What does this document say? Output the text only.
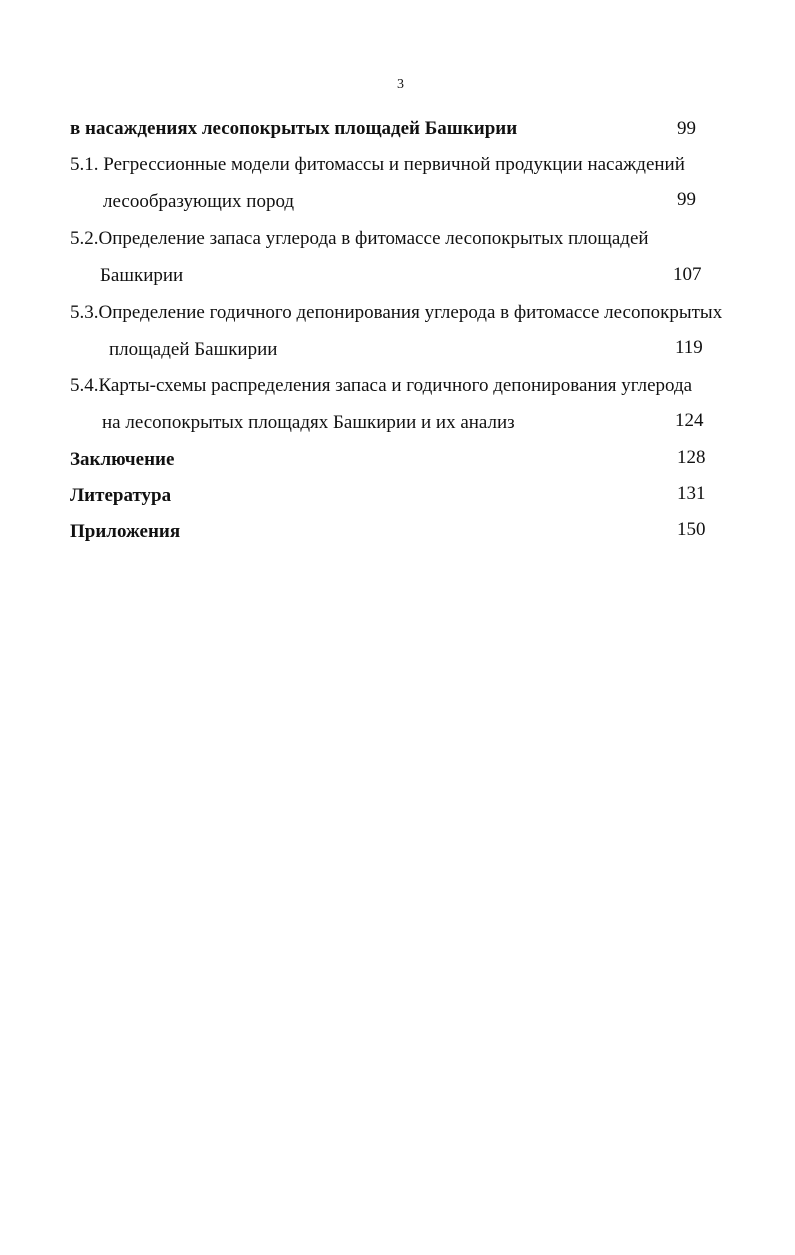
3
в насаждениях лесопокрытых площадей Башкирии	99
5.1. Регрессионные модели фитомассы и первичной продукции насаждений
лесообразующих пород	99
5.2.Определение запаса углерода в фитомассе лесопокрытых площадей
Башкирии	107
5.3.Определение годичного депонирования углерода в фитомассе лесопокрытых
площадей Башкирии	119
5.4.Карты-схемы распределения запаса и годичного депонирования углерода
на лесопокрытых площадях Башкирии и их анализ	124
Заключение	128
Литература	131
Приложения	150
